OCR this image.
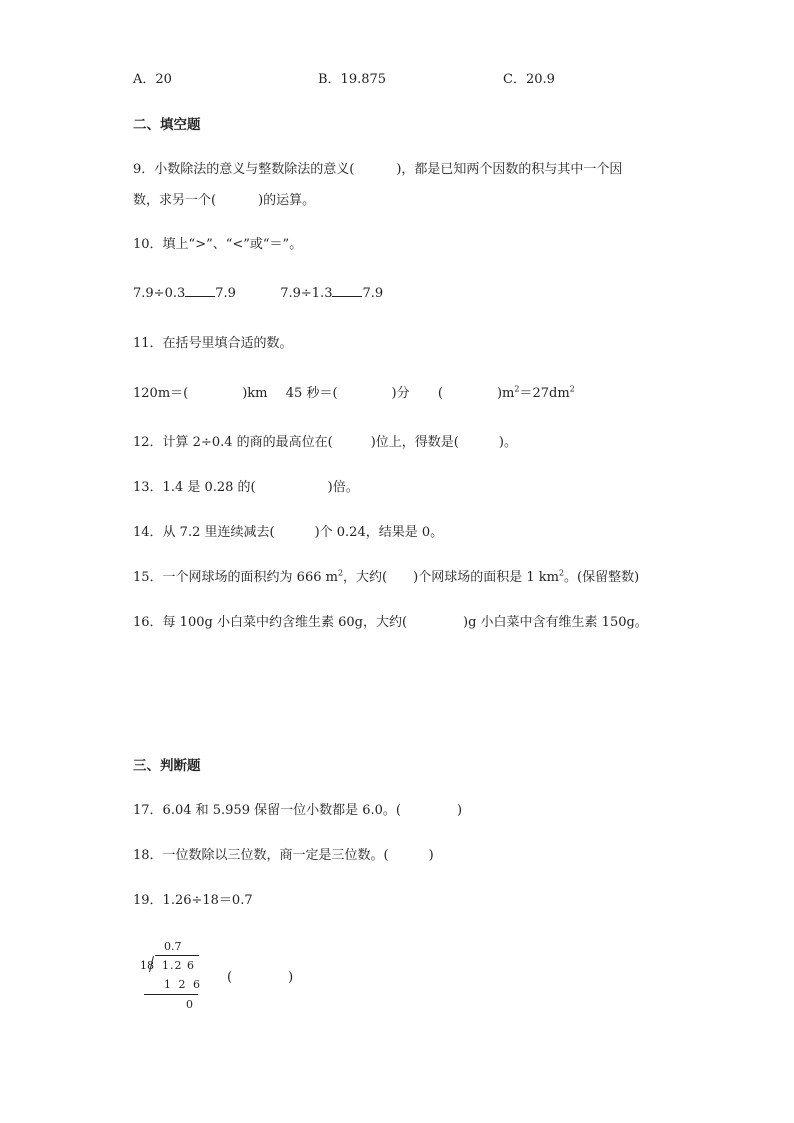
A．20	B．19.875	C．20.9
二、填空题
9．小数除法的意义与整数除法的意义(	)，都是已知两个因数的积与其中一个因
数，求另一个(	)的运算。
10．填上“>”、“<”或“＝”。
7.9÷0.3 7.9	7.9÷1.3 7.9
11．在括号里填合适的数。
120m＝(	)km 45 秒＝(	)分 (	)$m^2=27dm^2$
12．计算 2÷0.4 的商的最高位在(	)位上，得数是(	)。
13．1.4 是 0.28 的(	)倍。
14．从 7.2 里连续减去(	)个 0.24，结果是 0。
15．一个网球场的面积约为 666 $m^2$，大约( )个网球场的面积是 1 $km^2$。(保留整数)
16．每 100g 小白菜中约含维生素 60g，大约(	)g 小白菜中含有维生素 150g。
三、判断题
17．6.04 和 5.959 保留一位小数都是 6.0。(	)
18．一位数除以三位数，商一定是三位数。(	)
19．1.26÷18＝0.7
0.7
18 1.2 6
1 2 6
0
(	)
